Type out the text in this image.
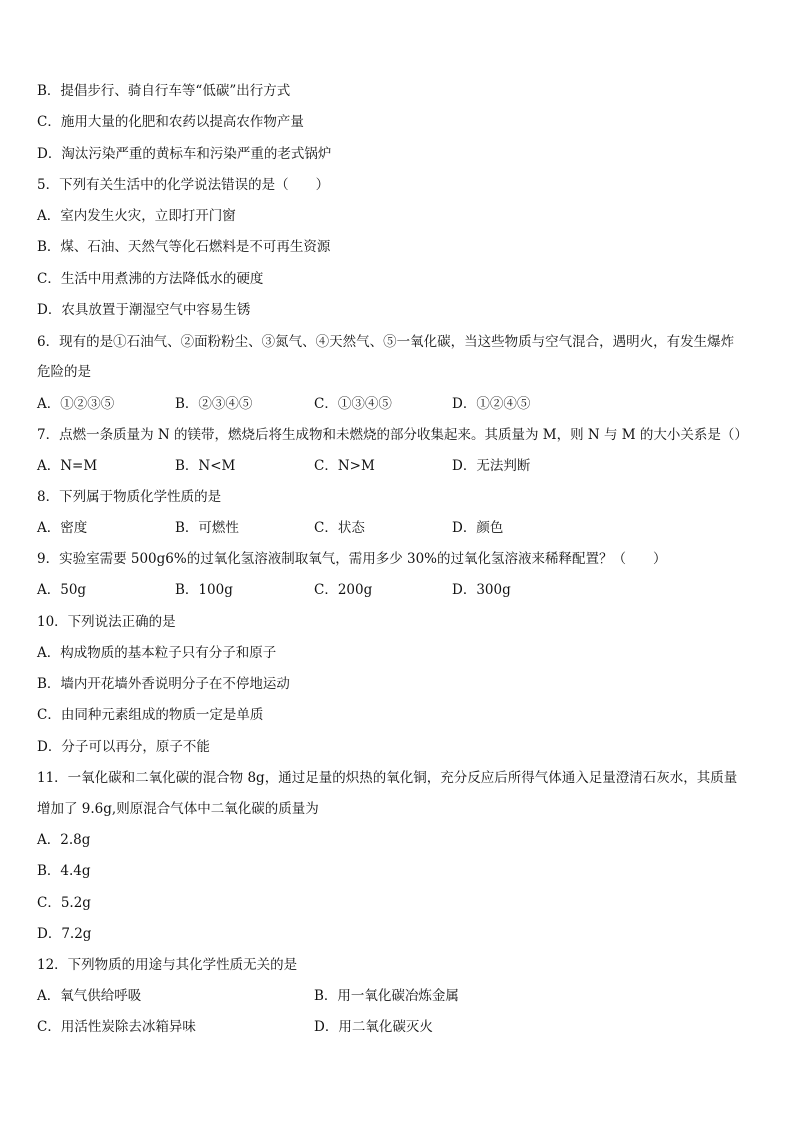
B．提倡步行、骑自行车等“低碳”出行方式
C．施用大量的化肥和农药以提高农作物产量
D．淘汰污染严重的黄标车和污染严重的老式锅炉
5．下列有关生活中的化学说法错误的是（　　）
A．室内发生火灾，立即打开门窗
B．煤、石油、天然气等化石燃料是不可再生资源
C．生活中用煮沸的方法降低水的硬度
D．农具放置于潮湿空气中容易生锈
6．现有的是①石油气、②面粉粉尘、③氮气、④天然气、⑤一氧化碳，当这些物质与空气混合，遇明火，有发生爆炸
危险的是
A．①②③⑤	B．②③④⑤	C．①③④⑤	D．①②④⑤
7．点燃一条质量为 N 的镁带，燃烧后将生成物和未燃烧的部分收集起来。其质量为 M，则 N 与 M 的大小关系是（）
A．N=M	B．N<M	C．N>M	D．无法判断
8．下列属于物质化学性质的是
A．密度	B．可燃性	C．状态	D．颜色
9．实验室需要 500g6%的过氧化氢溶液制取氧气，需用多少 30%的过氧化氢溶液来稀释配置？（　　）
A．50g	B．100g	C．200g	D．300g
10．下列说法正确的是
A．构成物质的基本粒子只有分子和原子
B．墙内开花墙外香说明分子在不停地运动
C．由同种元素组成的物质一定是单质
D．分子可以再分，原子不能
11．一氧化碳和二氧化碳的混合物 8g，通过足量的炽热的氧化铜，充分反应后所得气体通入足量澄清石灰水，其质量
增加了 9.6g,则原混合气体中二氧化碳的质量为
A．2.8g
B．4.4g
C．5.2g
D．7.2g
12．下列物质的用途与其化学性质无关的是
A．氧气供给呼吸	B．用一氧化碳冶炼金属
C．用活性炭除去冰箱异味	D．用二氧化碳灭火
